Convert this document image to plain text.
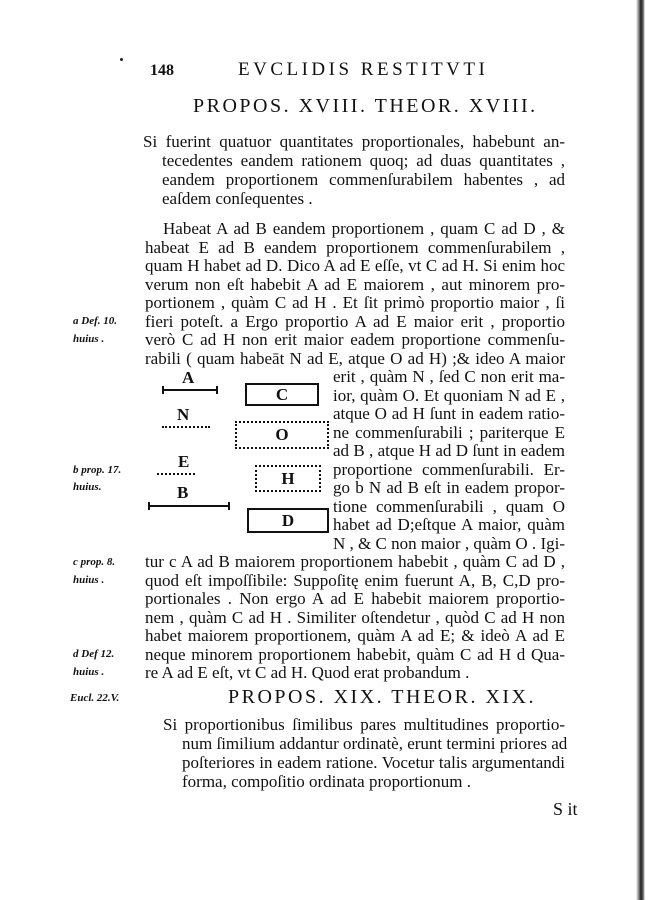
148	EVCLIDIS RESTITVTI
PROPOS. XVIII. THEOR. XVIII.
Si fuerint quatuor quantitates proportionales, habebunt an-
tecedentes eandem rationem quoq; ad duas quantitates ,
eandem proportionem commenſurabilem habentes , ad
eaſdem conſequentes .
Habeat A ad B eandem proportionem , quam C ad D , &
habeat E ad B eandem proportionem commenſurabilem ,
quam H habet ad D. Dico A ad E eſſe, vt C ad H. Si enim hoc
verum non eſt habebit A ad E maiorem , aut minorem pro-
portionem , quàm C ad H . Et ſit primò proportio maior , ſi
fieri poteſt. a Ergo proportio A ad E maior erit , proportio
verò C ad H non erit maior eadem proportione commenſu-
rabili ( quam habeāt N ad E, atque O ad H) ;& ideo A maior
erit , quàm N , ſed C non erit ma-
ior, quàm O. Et quoniam N ad E ,
atque O ad H ſunt in eadem ratio-
ne commenſurabili ; pariterque E
ad B , atque H ad D ſunt in eadem
proportione commenſurabili. Er-
go b N ad B eſt in eadem propor-
tione commenſurabili , quam O
habet ad D;eſtque A maior, quàm
N , & C non maior , quàm O . Igi-
tur c A ad B maiorem proportionem habebit , quàm C ad D ,
quod eſt impoſſibile: Suppoſitę enim fuerunt A, B, C,D pro-
portionales . Non ergo A ad E habebit maiorem proportio-
nem , quàm C ad H . Similiter oſtendetur , quòd C ad H non
habet maiorem proportionem, quàm A ad E; & ideò A ad E
neque minorem proportionem habebit, quàm C ad H d Qua-
re A ad E eſt, vt C ad H. Quod erat probandum .
a Def. 10.
huius .
b prop. 17.
huius.
c prop. 8.
huius .
d Def 12.
huius .
Eucl. 22.V.
A
C
N
O
E
H
B
D
PROPOS. XIX. THEOR. XIX.
Si proportionibus ſimilibus pares multitudines proportio-
num ſimilium addantur ordinatè, erunt termini priores ad
poſteriores in eadem ratione. Vocetur talis argumentandi
forma, compoſitio ordinata proportionum .
S it
